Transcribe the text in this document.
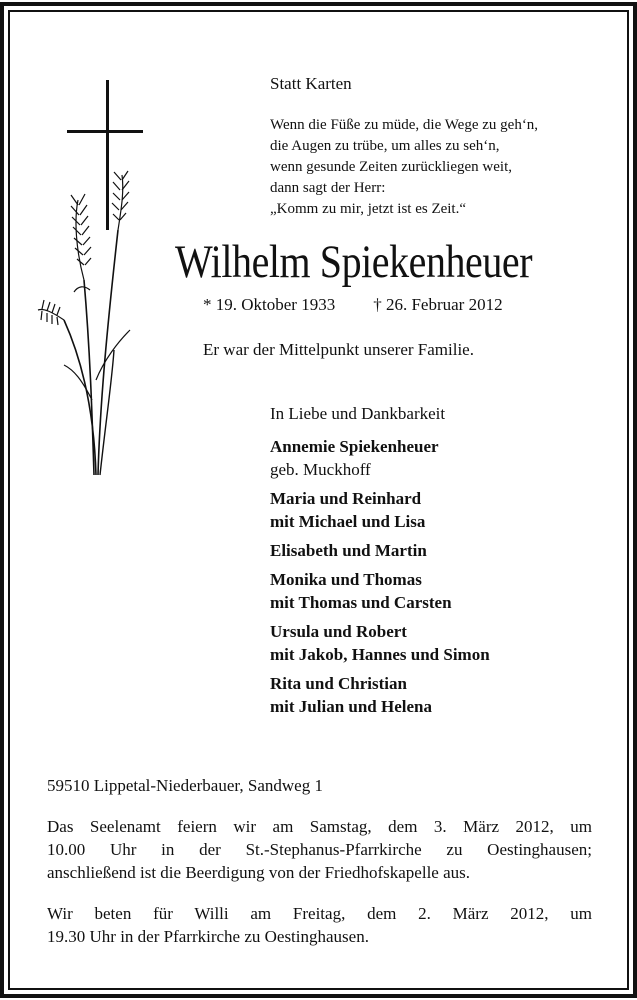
Statt Karten
Wenn die Füße zu müde, die Wege zu geh‘n,
die Augen zu trübe, um alles zu seh‘n,
wenn gesunde Zeiten zurückliegen weit,
dann sagt der Herr:
„Komm zu mir, jetzt ist es Zeit.“
Wilhelm Spiekenheuer
* 19. Oktober 1933 † 26. Februar 2012
Er war der Mittelpunkt unserer Familie.
In Liebe und Dankbarkeit
Annemie Spiekenheuer
geb. Muckhoff
Maria und Reinhard
mit Michael und Lisa
Elisabeth und Martin
Monika und Thomas
mit Thomas und Carsten
Ursula und Robert
mit Jakob, Hannes und Simon
Rita und Christian
mit Julian und Helena
59510 Lippetal-Niederbauer, Sandweg 1
Das Seelenamt feiern wir am Samstag, dem 3. März 2012, um
10.00 Uhr in der St.-Stephanus-Pfarrkirche zu Oestinghausen;
anschließend ist die Beerdigung von der Friedhofskapelle aus.
Wir beten für Willi am Freitag, dem 2. März 2012, um
19.30 Uhr in der Pfarrkirche zu Oestinghausen.
